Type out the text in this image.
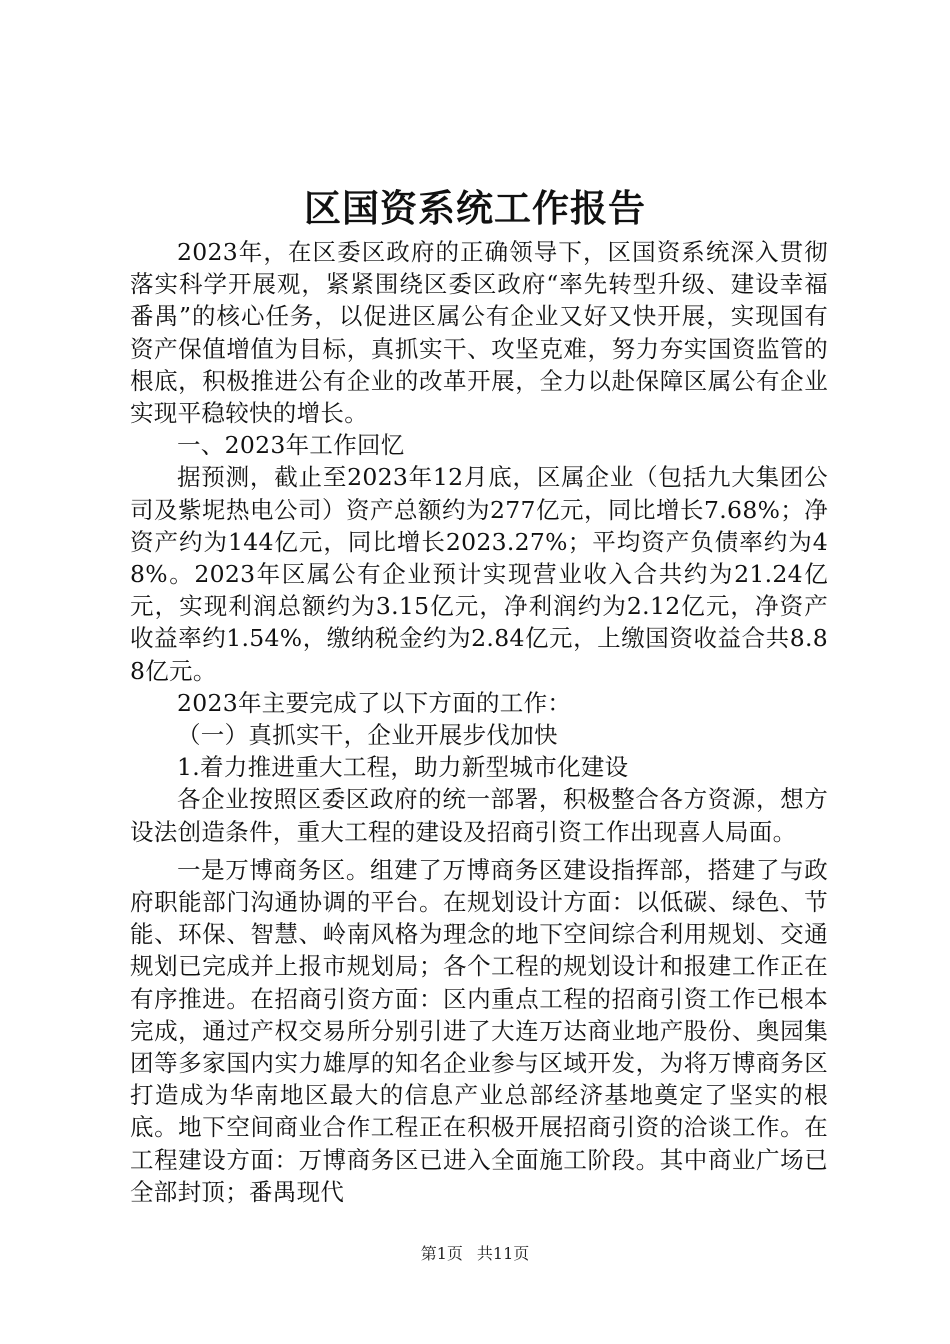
区国资系统工作报告

2023年，在区委区政府的正确领导下，区国资系统深入贯彻落实科学开展观，紧紧围绕区委区政府“率先转型升级、建设幸福番禺”的核心任务，以促进区属公有企业又好又快开展，实现国有资产保值增值为目标，真抓实干、攻坚克难，努力夯实国资监管的根底，积极推进公有企业的改革开展，全力以赴保障区属公有企业实现平稳较快的增长。

一、2023年工作回忆

据预测，截止至2023年12月底，区属企业（包括九大集团公司及紫坭热电公司）资产总额约为277亿元，同比增长7.68%；净资产约为144亿元，同比增长2023.27%；平均资产负债率约为48%。2023年区属公有企业预计实现营业收入合共约为21.24亿元，实现利润总额约为3.15亿元，净利润约为2.12亿元，净资产收益率约1.54%，缴纳税金约为2.84亿元，上缴国资收益合共8.88亿元。

2023年主要完成了以下方面的工作：

（一）真抓实干，企业开展步伐加快

1.着力推进重大工程，助力新型城市化建设

各企业按照区委区政府的统一部署，积极整合各方资源，想方设法创造条件，重大工程的建设及招商引资工作出现喜人局面。

一是万博商务区。组建了万博商务区建设指挥部，搭建了与政府职能部门沟通协调的平台。在规划设计方面：以低碳、绿色、节能、环保、智慧、岭南风格为理念的地下空间综合利用规划、交通规划已完成并上报市规划局；各个工程的规划设计和报建工作正在有序推进。在招商引资方面：区内重点工程的招商引资工作已根本完成，通过产权交易所分别引进了大连万达商业地产股份、奥园集团等多家国内实力雄厚的知名企业参与区域开发，为将万博商务区打造成为华南地区最大的信息产业总部经济基地奠定了坚实的根底。地下空间商业合作工程正在积极开展招商引资的洽谈工作。在工程建设方面：万博商务区已进入全面施工阶段。其中商业广场已全部封顶；番禺现代

第1页 共11页
